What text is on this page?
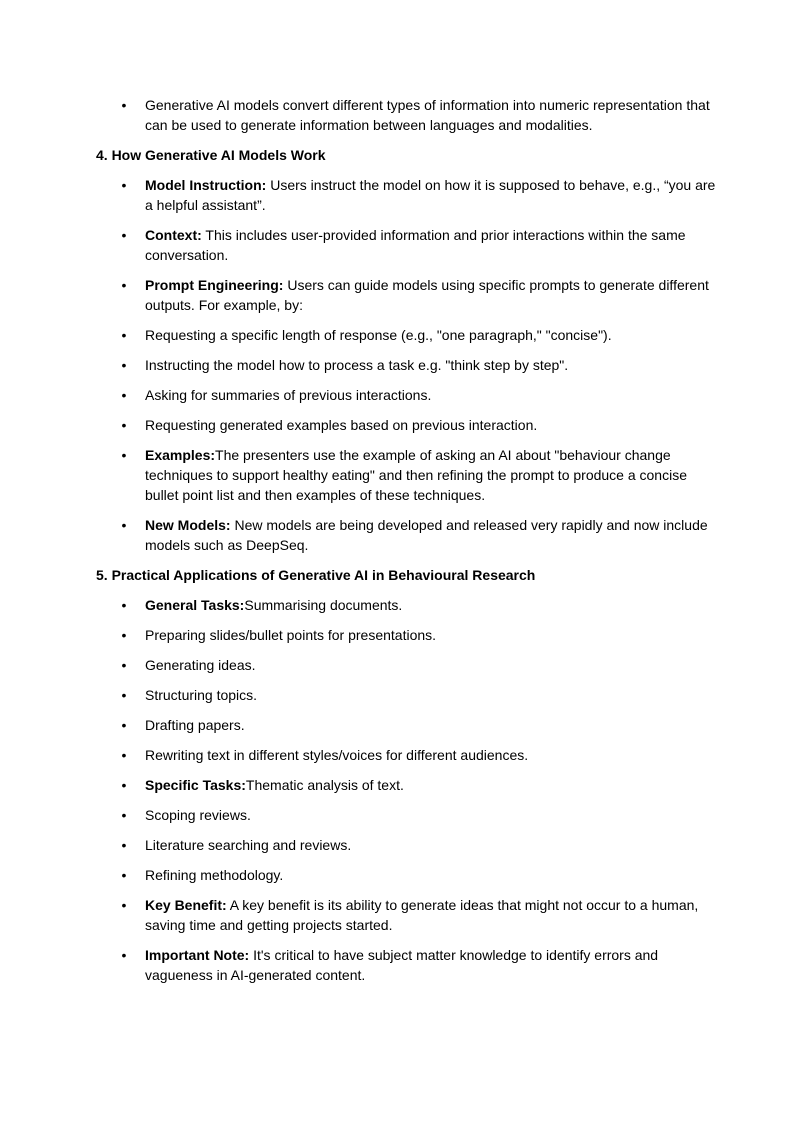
• Generative AI models convert different types of information into numeric representation that can be used to generate information between languages and modalities.
4. How Generative AI Models Work
• Model Instruction: Users instruct the model on how it is supposed to behave, e.g., “you are a helpful assistant”.
• Context: This includes user-provided information and prior interactions within the same conversation.
• Prompt Engineering: Users can guide models using specific prompts to generate different outputs. For example, by:
• Requesting a specific length of response (e.g., "one paragraph," "concise").
• Instructing the model how to process a task e.g. "think step by step".
• Asking for summaries of previous interactions.
• Requesting generated examples based on previous interaction.
• Examples:The presenters use the example of asking an AI about "behaviour change techniques to support healthy eating" and then refining the prompt to produce a concise bullet point list and then examples of these techniques.
• New Models: New models are being developed and released very rapidly and now include models such as DeepSeq.
5. Practical Applications of Generative AI in Behavioural Research
• General Tasks:Summarising documents.
• Preparing slides/bullet points for presentations.
• Generating ideas.
• Structuring topics.
• Drafting papers.
• Rewriting text in different styles/voices for different audiences.
• Specific Tasks:Thematic analysis of text.
• Scoping reviews.
• Literature searching and reviews.
• Refining methodology.
• Key Benefit: A key benefit is its ability to generate ideas that might not occur to a human, saving time and getting projects started.
• Important Note: It's critical to have subject matter knowledge to identify errors and vagueness in AI-generated content.
